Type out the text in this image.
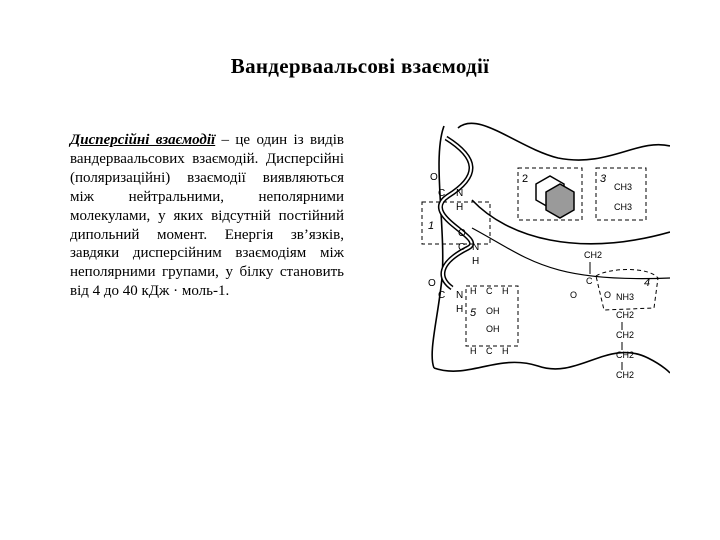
Вандерваальсові взаємодії
Дисперсійні взаємодії – це один із видів вандерваальсових взаємодій. Дисперсійні (поляризаційні) взаємодії виявляються між нейтральними, неполярними молекулами, у яких відсутній постійний дипольний момент. Енергія зв’язків, завдяки дисперсійним взаємодіям між неполярними групами, у білку становить від 4 до 40 кДж · моль-1.
O
C N
H
O
C N
H
O
C N
H
1
2	3
CH3
CH3
CH2
C
O	O
4
NH3
CH2
CH2
CH2
CH2
5
H C H
OH
OH
H C H
